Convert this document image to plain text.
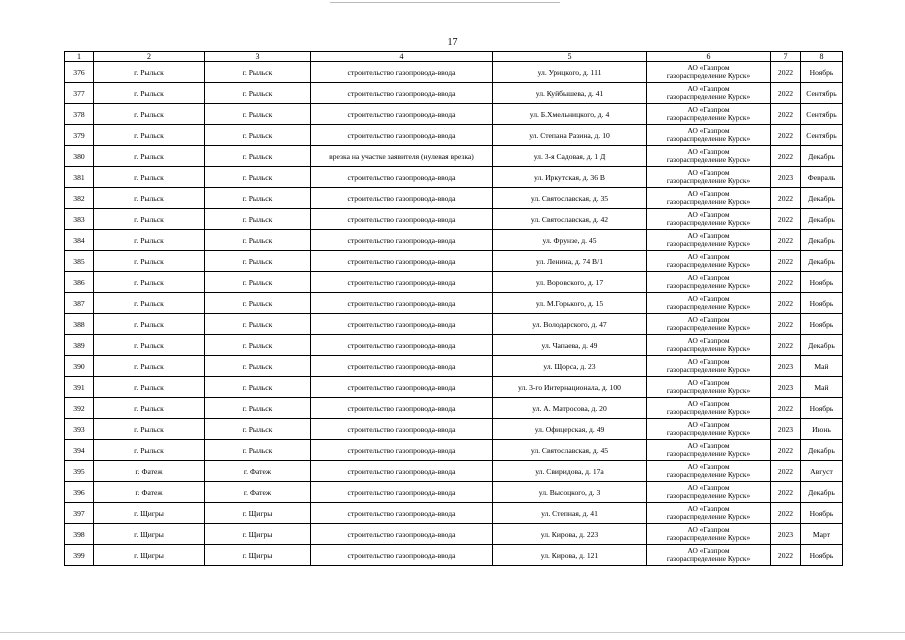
17
1	2	3	4	5	6	7	8
376	г. Рыльск	г. Рыльск	строительство газопровода-ввода	ул. Урицкого, д. 111	АО «Газпром
газораспределение Курск»	2022	Ноябрь
377	г. Рыльск	г. Рыльск	строительство газопровода-ввода	ул. Куйбышева, д. 41	АО «Газпром
газораспределение Курск»	2022	Сентябрь
378	г. Рыльск	г. Рыльск	строительство газопровода-ввода	ул. Б.Хмельницкого, д. 4	АО «Газпром
газораспределение Курск»	2022	Сентябрь
379	г. Рыльск	г. Рыльск	строительство газопровода-ввода	ул. Степана Разина, д. 10	АО «Газпром
газораспределение Курск»	2022	Сентябрь
380	г. Рыльск	г. Рыльск	врезка на участке заявителя (нулевая врезка)	ул. 3-я Садовая, д. 1 Д	АО «Газпром
газораспределение Курск»	2022	Декабрь
381	г. Рыльск	г. Рыльск	строительство газопровода-ввода	ул. Иркутская, д. 36 В	АО «Газпром
газораспределение Курск»	2023	Февраль
382	г. Рыльск	г. Рыльск	строительство газопровода-ввода	ул. Святославская, д. 35	АО «Газпром
газораспределение Курск»	2022	Декабрь
383	г. Рыльск	г. Рыльск	строительство газопровода-ввода	ул. Святославская, д. 42	АО «Газпром
газораспределение Курск»	2022	Декабрь
384	г. Рыльск	г. Рыльск	строительство газопровода-ввода	ул. Фрунзе, д. 45	АО «Газпром
газораспределение Курск»	2022	Декабрь
385	г. Рыльск	г. Рыльск	строительство газопровода-ввода	ул. Ленина, д. 74 В/1	АО «Газпром
газораспределение Курск»	2022	Декабрь
386	г. Рыльск	г. Рыльск	строительство газопровода-ввода	ул. Воровского, д. 17	АО «Газпром
газораспределение Курск»	2022	Ноябрь
387	г. Рыльск	г. Рыльск	строительство газопровода-ввода	ул. М.Горького, д. 15	АО «Газпром
газораспределение Курск»	2022	Ноябрь
388	г. Рыльск	г. Рыльск	строительство газопровода-ввода	ул. Володарского, д. 47	АО «Газпром
газораспределение Курск»	2022	Ноябрь
389	г. Рыльск	г. Рыльск	строительство газопровода-ввода	ул. Чапаева, д. 49	АО «Газпром
газораспределение Курск»	2022	Декабрь
390	г. Рыльск	г. Рыльск	строительство газопровода-ввода	ул. Щорса, д. 23	АО «Газпром
газораспределение Курск»	2023	Май
391	г. Рыльск	г. Рыльск	строительство газопровода-ввода	ул. 3-го Интернационала, д. 100	АО «Газпром
газораспределение Курск»	2023	Май
392	г. Рыльск	г. Рыльск	строительство газопровода-ввода	ул. А. Матросова, д. 20	АО «Газпром
газораспределение Курск»	2022	Ноябрь
393	г. Рыльск	г. Рыльск	строительство газопровода-ввода	ул. Офицерская, д. 49	АО «Газпром
газораспределение Курск»	2023	Июнь
394	г. Рыльск	г. Рыльск	строительство газопровода-ввода	ул. Святославская, д. 45	АО «Газпром
газораспределение Курск»	2022	Декабрь
395	г. Фатеж	г. Фатеж	строительство газопровода-ввода	ул. Свиридова, д. 17а	АО «Газпром
газораспределение Курск»	2022	Август
396	г. Фатеж	г. Фатеж	строительство газопровода-ввода	ул. Высоцкого, д. 3	АО «Газпром
газораспределение Курск»	2022	Декабрь
397	г. Щигры	г. Щигры	строительство газопровода-ввода	ул. Степная, д. 41	АО «Газпром
газораспределение Курск»	2022	Ноябрь
398	г. Щигры	г. Щигры	строительство газопровода-ввода	ул. Кирова, д. 223	АО «Газпром
газораспределение Курск»	2023	Март
399	г. Щигры	г. Щигры	строительство газопровода-ввода	ул. Кирова, д. 121	АО «Газпром
газораспределение Курск»	2022	Ноябрь
